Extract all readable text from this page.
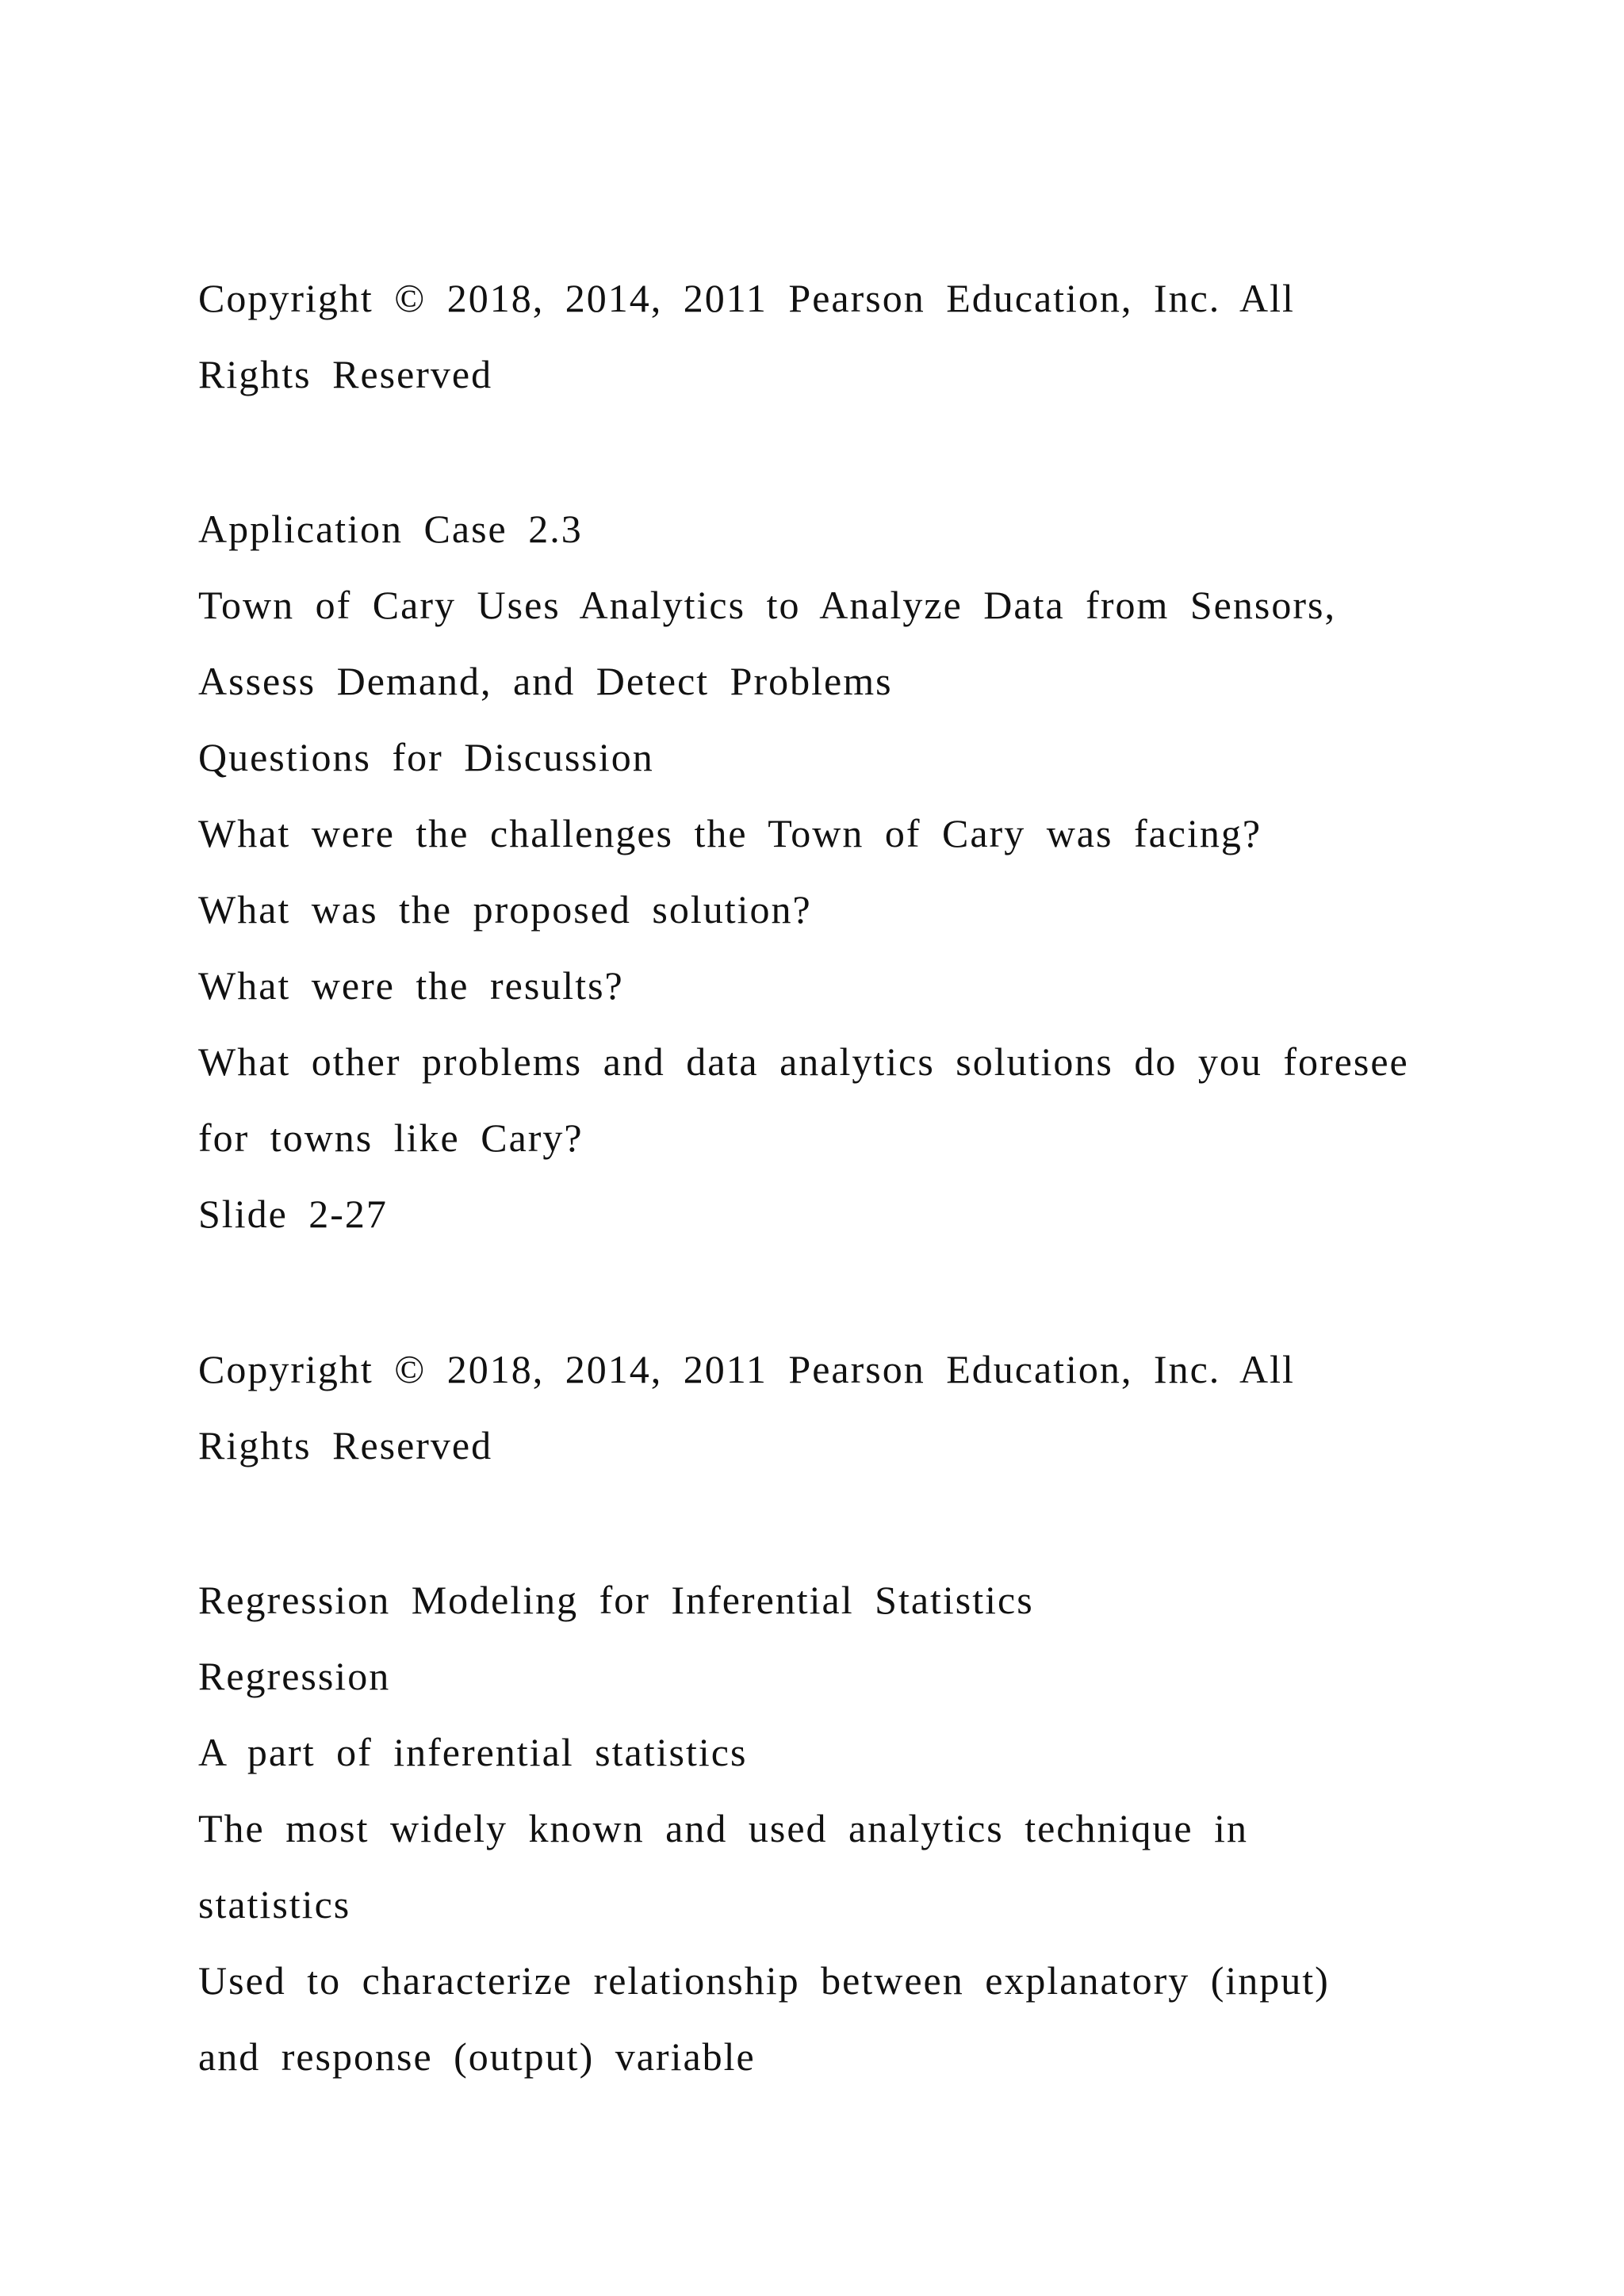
Copyright © 2018, 2014, 2011 Pearson Education, Inc. All
Rights Reserved
Application Case 2.3
Town of Cary Uses Analytics to Analyze Data from Sensors,
Assess Demand, and Detect Problems
Questions for Discussion
What were the challenges the Town of Cary was facing?
What was the proposed solution?
What were the results?
What other problems and data analytics solutions do you foresee
for towns like Cary?
Slide 2-27
Copyright © 2018, 2014, 2011 Pearson Education, Inc. All
Rights Reserved
Regression Modeling for Inferential Statistics
Regression
A part of inferential statistics
The most widely known and used analytics technique in
statistics
Used to characterize relationship between explanatory (input)
and response (output) variable
